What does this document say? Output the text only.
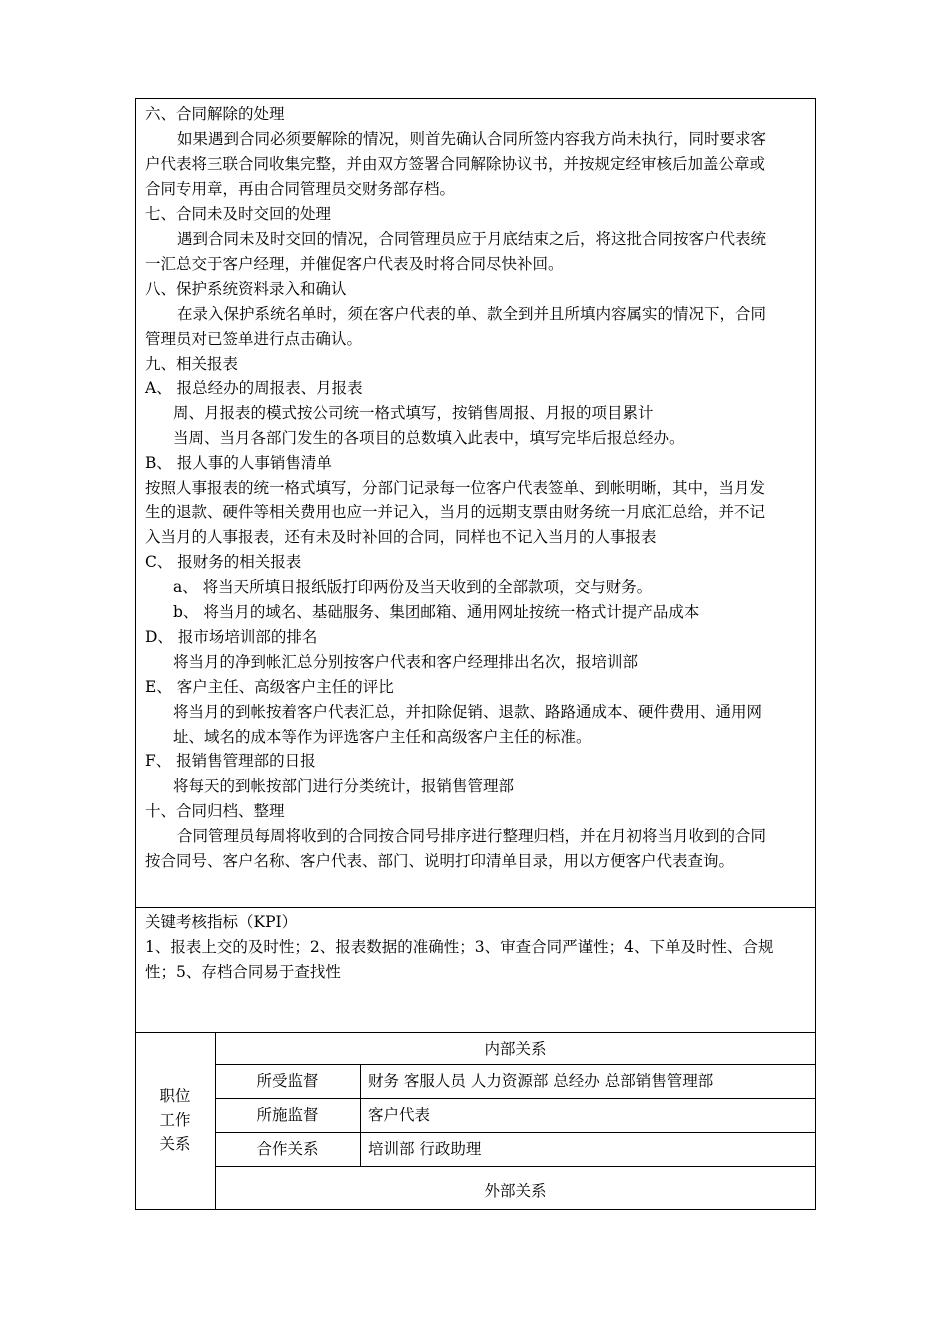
六、合同解除的处理
如果遇到合同必须要解除的情况，则首先确认合同所签内容我方尚未执行，同时要求客
户代表将三联合同收集完整，并由双方签署合同解除协议书，并按规定经审核后加盖公章或
合同专用章，再由合同管理员交财务部存档。
七、合同未及时交回的处理
遇到合同未及时交回的情况，合同管理员应于月底结束之后，将这批合同按客户代表统
一汇总交于客户经理，并催促客户代表及时将合同尽快补回。
八、保护系统资料录入和确认
在录入保护系统名单时，须在客户代表的单、款全到并且所填内容属实的情况下，合同
管理员对已签单进行点击确认。
九、相关报表
A、 报总经办的周报表、月报表
周、月报表的模式按公司统一格式填写，按销售周报、月报的项目累计
当周、当月各部门发生的各项目的总数填入此表中，填写完毕后报总经办。
B、 报人事的人事销售清单
按照人事报表的统一格式填写，分部门记录每一位客户代表签单、到帐明晰，其中，当月发
生的退款、硬件等相关费用也应一并记入，当月的远期支票由财务统一月底汇总给，并不记
入当月的人事报表，还有未及时补回的合同，同样也不记入当月的人事报表
C、 报财务的相关报表
a、 将当天所填日报纸版打印两份及当天收到的全部款项，交与财务。
b、 将当月的域名、基础服务、集团邮箱、通用网址按统一格式计提产品成本
D、 报市场培训部的排名
将当月的净到帐汇总分别按客户代表和客户经理排出名次，报培训部
E、 客户主任、高级客户主任的评比
将当月的到帐按着客户代表汇总，并扣除促销、退款、路路通成本、硬件费用、通用网
址、域名的成本等作为评选客户主任和高级客户主任的标准。
F、 报销售管理部的日报
将每天的到帐按部门进行分类统计，报销售管理部
十、合同归档、整理
合同管理员每周将收到的合同按合同号排序进行整理归档，并在月初将当月收到的合同
按合同号、客户名称、客户代表、部门、说明打印清单目录，用以方便客户代表查询。
关键考核指标（KPI）
1、报表上交的及时性；2、报表数据的准确性；3、审查合同严谨性；4、下单及时性、合规
性；5、存档合同易于查找性
职位
工作
关系
内部关系
所受监督	财务 客服人员 人力资源部 总经办 总部销售管理部
所施监督	客户代表
合作关系	培训部 行政助理
外部关系
